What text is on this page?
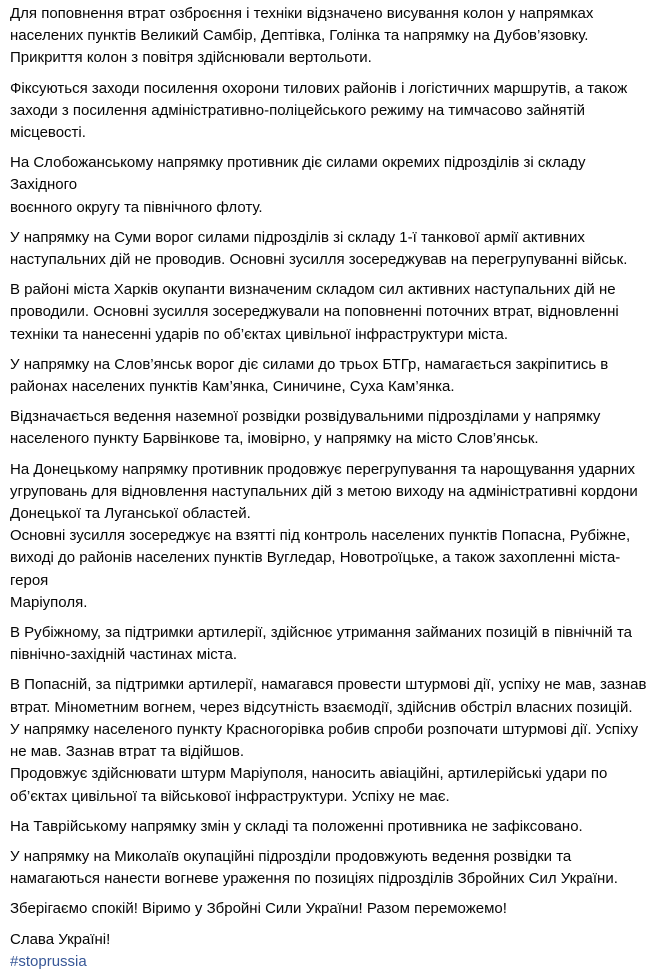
Для поповнення втрат озброєння і техніки відзначено висування колон у напрямках
населених пунктів Великий Самбір, Дептівка, Голінка та напрямку на Дубов’язовку.
Прикриття колон з повітря здійснювали вертольоти.
Фіксуються заходи посилення охорони тилових районів і логістичних маршрутів, а також
заходи з посилення адміністративно-поліцейського режиму на тимчасово зайнятій
місцевості.
На Слобожанському напрямку противник діє силами окремих підрозділів зі складу Західного
воєнного округу та північного флоту.
У напрямку на Суми ворог силами підрозділів зі складу 1-ї танкової армії активних
наступальних дій не проводив. Основні зусилля зосереджував на перегрупуванні військ.
В районі міста Харків окупанти визначеним складом сил активних наступальних дій не
проводили. Основні зусилля зосереджували на поповненні поточних втрат, відновленні
техніки та нанесенні ударів по об’єктах цивільної інфраструктури міста.
У напрямку на Слов’янськ ворог діє силами до трьох БТГр, намагається закріпитись в
районах населених пунктів Кам’янка, Синичине, Суха Кам’янка.
Відзначається ведення наземної розвідки розвідувальними підрозділами у напрямку
населеного пункту Барвінкове та, імовірно, у напрямку на місто Слов’янськ.
На Донецькому напрямку противник продовжує перегрупування та нарощування ударних
угруповань для відновлення наступальних дій з метою виходу на адміністративні кордони
Донецької та Луганської областей.
Основні зусилля зосереджує на взятті під контроль населених пунктів Попасна, Рубіжне,
виході до районів населених пунктів Вугледар, Новотроїцьке, а також захопленні міста-героя
Маріуполя.
В Рубіжному, за підтримки артилерії, здійснює утримання займаних позицій в північній та
північно-західній частинах міста.
В Попасній, за підтримки артилерії, намагався провести штурмові дії, успіху не мав, зазнав
втрат. Мінометним вогнем, через відсутність взаємодії, здійснив обстріл власних позицій.
У напрямку населеного пункту Красногорівка робив спроби розпочати штурмові дії. Успіху
не мав. Зазнав втрат та відійшов.
Продовжує здійснювати штурм Маріуполя, наносить авіаційні, артилерійські удари по
об’єктах цивільної та військової інфраструктури. Успіху не має.
На Таврійському напрямку змін у складі та положенні противника не зафіксовано.
У напрямку на Миколаїв окупаційні підрозділи продовжують ведення розвідки та
намагаються нанести вогневе ураження по позиціях підрозділів Збройних Сил України.
Зберігаємо спокій! Віримо у Збройні Сили України! Разом переможемо!
Слава Україні!
#stoprussia
